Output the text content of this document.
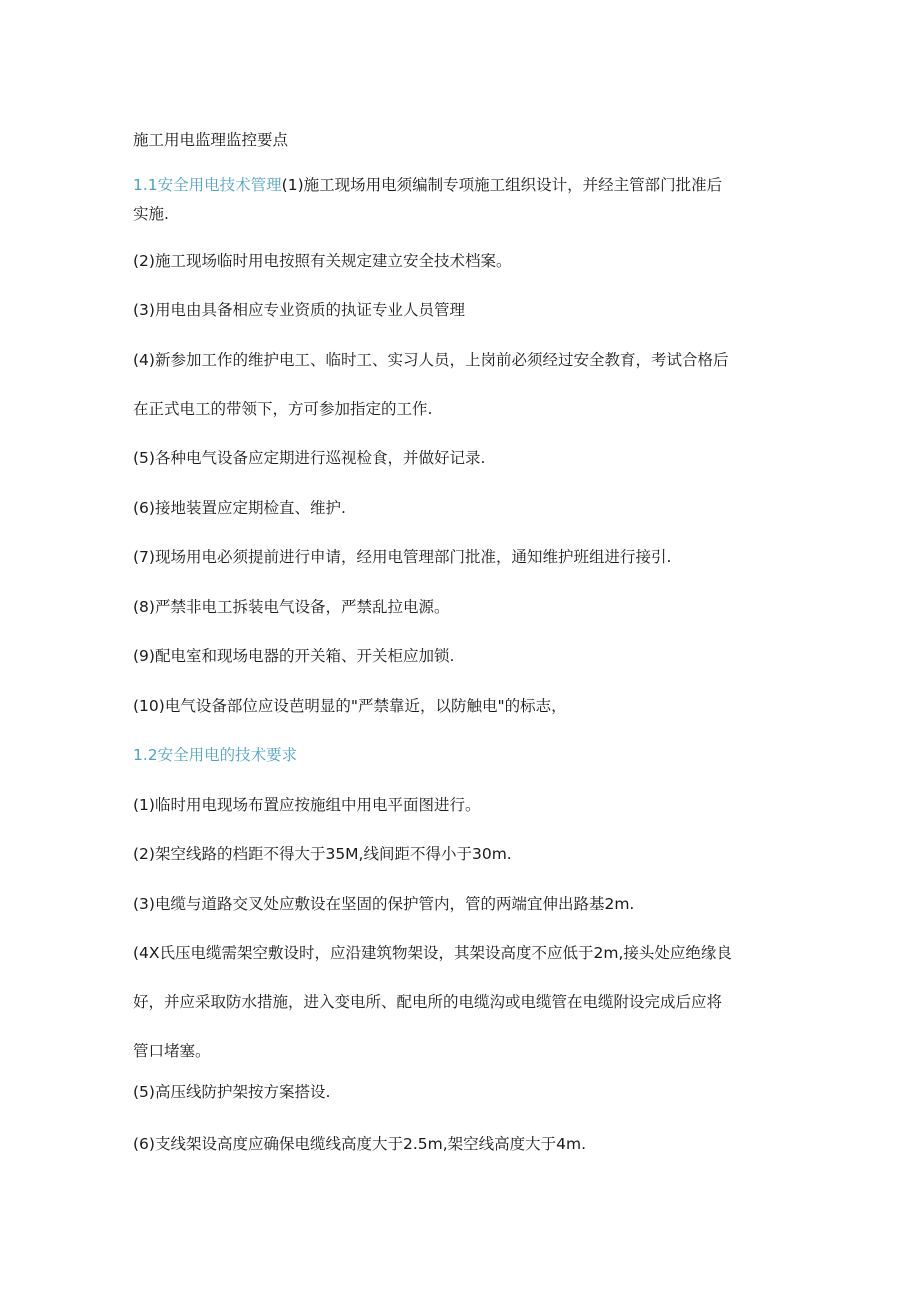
施工用电监理监控要点
1.1安全用电技术管理(1)施工现场用电须编制专项施工组织设计，并经主管部门批准后
实施.
(2)施工现场临时用电按照有关规定建立安全技术档案。
(3)用电由具备相应专业资质的执证专业人员管理
(4)新参加工作的维护电工、临时工、实习人员，上岗前必须经过安全教育，考试合格后
在正式电工的带领下，方可参加指定的工作.
(5)各种电气设备应定期进行巡视检食，并做好记录.
(6)接地装置应定期检直、维护.
(7)现场用电必须提前进行申请，经用电管理部门批准，通知维护班组进行接引.
(8)严禁非电工拆装电气设备，严禁乱拉电源。
(9)配电室和现场电器的开关箱、开关柜应加锁.
(10)电气设备部位应设芭明显的"严禁靠近，以防触电"的标志，
1.2安全用电的技术要求
(1)临时用电现场布置应按施组中用电平面图进行。
(2)架空线路的档距不得大于35M,线间距不得小于30m.
(3)电缆与道路交叉处应敷设在坚固的保护管内，管的两端宜伸出路基2m.
(4X氏压电缆需架空敷设时，应沿建筑物架设，其架设高度不应低于2m,接头处应绝缘良
好，并应采取防水措施，进入变电所、配电所的电缆沟或电缆管在电缆附设完成后应将
管口堵塞。
(5)高压线防护架按方案搭设.
(6)支线架设高度应确保电缆线高度大于2.5m,架空线高度大于4m.
